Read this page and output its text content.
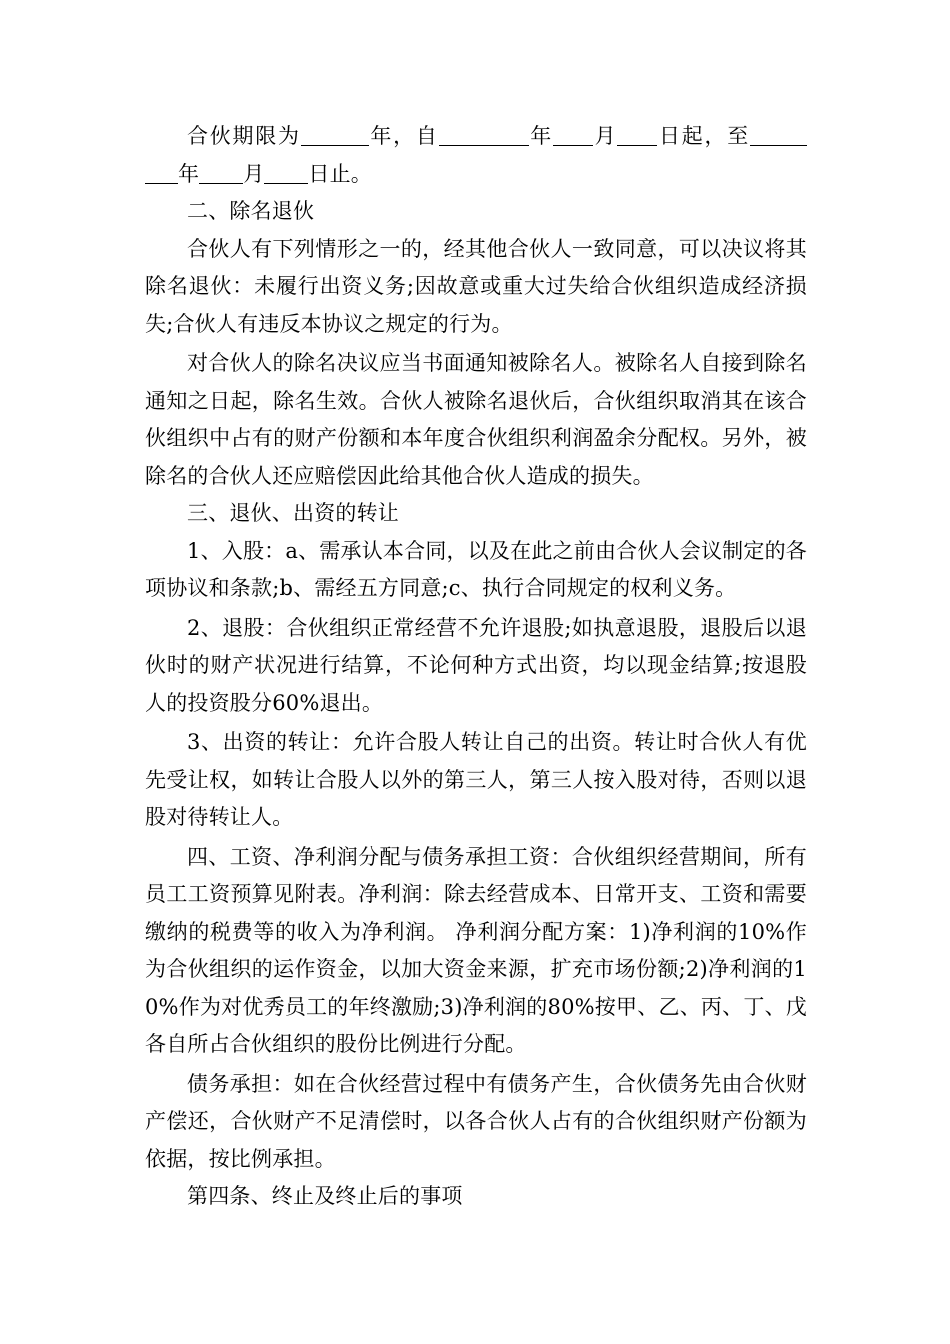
合伙期限为	年，自	年 月 日起，至年 月 日止。

二、除名退伙

合伙人有下列情形之一的，经其他合伙人一致同意，可以决议将其除名退伙：未履行出资义务;因故意或重大过失给合伙组织造成经济损失;合伙人有违反本协议之规定的行为。

对合伙人的除名决议应当书面通知被除名人。被除名人自接到除名通知之日起，除名生效。合伙人被除名退伙后，合伙组织取消其在该合伙组织中占有的财产份额和本年度合伙组织利润盈余分配权。另外，被除名的合伙人还应赔偿因此给其他合伙人造成的损失。

三、退伙、出资的转让

1、入股：a、需承认本合同，以及在此之前由合伙人会议制定的各项协议和条款;b、需经五方同意;c、执行合同规定的权利义务。

2、退股：合伙组织正常经营不允许退股;如执意退股，退股后以退伙时的财产状况进行结算，不论何种方式出资，均以现金结算;按退股人的投资股分60%退出。

3、出资的转让：允许合股人转让自己的出资。转让时合伙人有优先受让权，如转让合股人以外的第三人，第三人按入股对待，否则以退股对待转让人。

四、工资、净利润分配与债务承担工资：合伙组织经营期间，所有员工工资预算见附表。净利润：除去经营成本、日常开支、工资和需要缴纳的税费等的收入为净利润。 净利润分配方案：1)净利润的10%作为合伙组织的运作资金，以加大资金来源，扩充市场份额;2)净利润的10%作为对优秀员工的年终激励;3)净利润的80%按甲、乙、丙、丁、戊各自所占合伙组织的股份比例进行分配。

债务承担：如在合伙经营过程中有债务产生，合伙债务先由合伙财产偿还，合伙财产不足清偿时，以各合伙人占有的合伙组织财产份额为依据，按比例承担。

第四条、终止及终止后的事项
